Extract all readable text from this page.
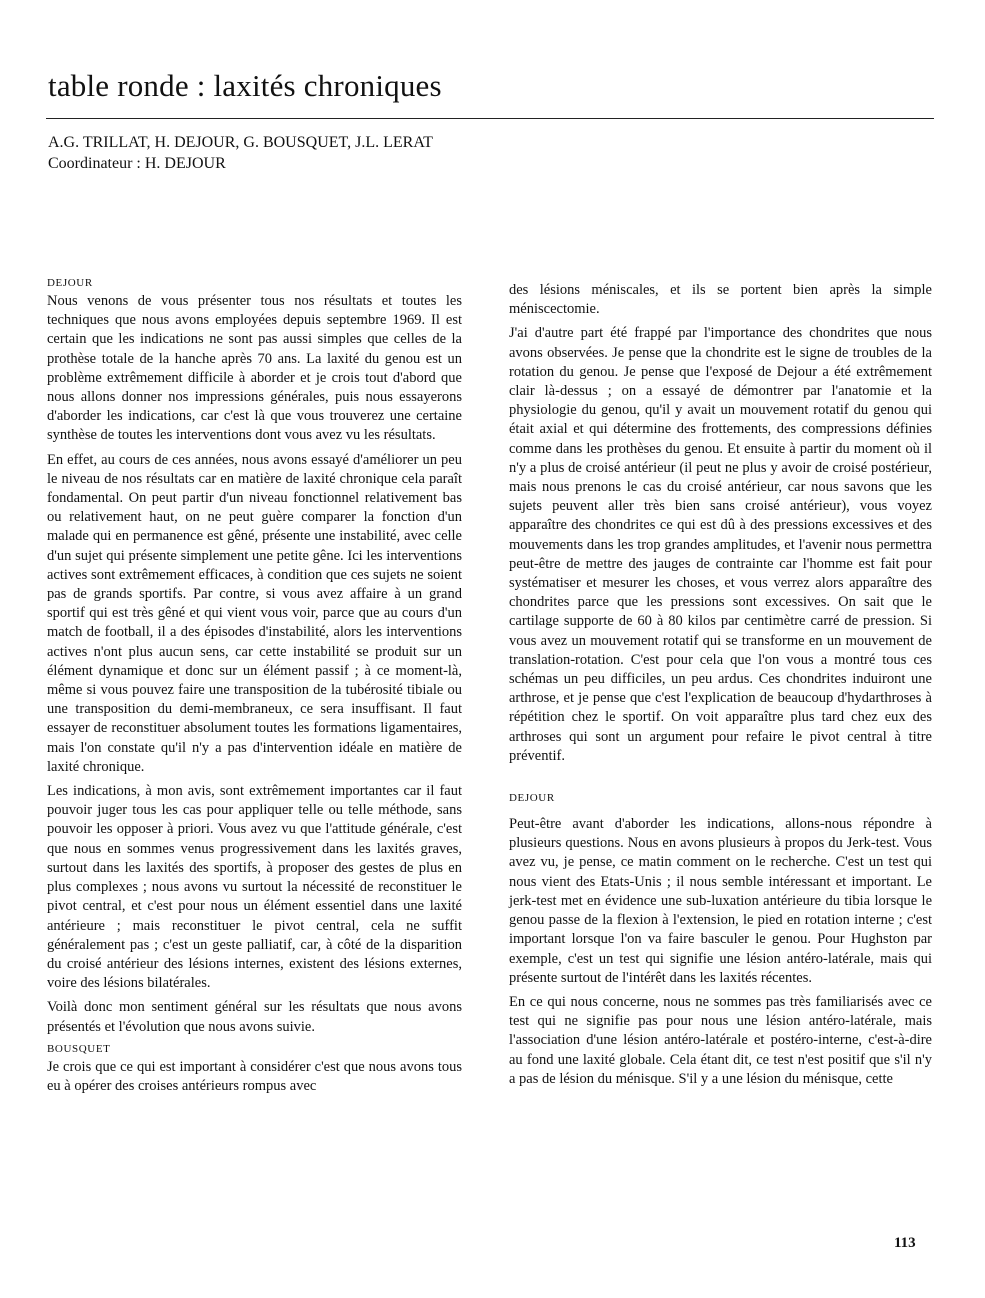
table ronde : laxités chroniques
A.G. TRILLAT, H. DEJOUR, G. BOUSQUET, J.L. LERAT
Coordinateur : H. DEJOUR
DEJOUR

Nous venons de vous présenter tous nos résultats et toutes les techniques que nous avons employées depuis septembre 1969. Il est certain que les indications ne sont pas aussi simples que celles de la prothèse totale de la hanche après 70 ans. La laxité du genou est un problème extrêmement difficile à aborder et je crois tout d'abord que nous allons donner nos impressions générales, puis nous essayerons d'aborder les indications, car c'est là que vous trouverez une certaine synthèse de toutes les interventions dont vous avez vu les résultats.

En effet, au cours de ces années, nous avons essayé d'améliorer un peu le niveau de nos résultats car en matière de laxité chronique cela paraît fondamental. On peut partir d'un niveau fonctionnel relativement bas ou relativement haut, on ne peut guère comparer la fonction d'un malade qui en permanence est gêné, présente une instabilité, avec celle d'un sujet qui présente simplement une petite gêne. Ici les interventions actives sont extrêmement efficaces, à condition que ces sujets ne soient pas de grands sportifs. Par contre, si vous avez affaire à un grand sportif qui est très gêné et qui vient vous voir, parce que au cours d'un match de football, il a des épisodes d'instabilité, alors les interventions actives n'ont plus aucun sens, car cette instabilité se produit sur un élément dynamique et donc sur un élément passif ; à ce moment-là, même si vous pouvez faire une transposition de la tubérosité tibiale ou une transposition du demi-membraneux, ce sera insuffisant. Il faut essayer de reconstituer absolument toutes les formations ligamentaires, mais l'on constate qu'il n'y a pas d'intervention idéale en matière de laxité chronique.

Les indications, à mon avis, sont extrêmement importantes car il faut pouvoir juger tous les cas pour appliquer telle ou telle méthode, sans pouvoir les opposer à priori. Vous avez vu que l'attitude générale, c'est que nous en sommes venus progressivement dans les laxités graves, surtout dans les laxités des sportifs, à proposer des gestes de plus en plus complexes ; nous avons vu surtout la nécessité de reconstituer le pivot central, et c'est pour nous un élément essentiel dans une laxité antérieure ; mais reconstituer le pivot central, cela ne suffit généralement pas ; c'est un geste palliatif, car, à côté de la disparition du croisé antérieur des lésions internes, existent des lésions externes, voire des lésions bilatérales.

Voilà donc mon sentiment général sur les résultats que nous avons présentés et l'évolution que nous avons suivie.

BOUSQUET

Je crois que ce qui est important à considérer c'est que nous avons tous eu à opérer des croises antérieurs rompus avec

des lésions méniscales, et ils se portent bien après la simple méniscectomie.

J'ai d'autre part été frappé par l'importance des chondrites que nous avons observées. Je pense que la chondrite est le signe de troubles de la rotation du genou. Je pense que l'exposé de Dejour a été extrêmement clair là-dessus ; on a essayé de démontrer par l'anatomie et la physiologie du genou, qu'il y avait un mouvement rotatif du genou qui était axial et qui détermine des frottements, des compressions définies comme dans les prothèses du genou. Et ensuite à partir du moment où il n'y a plus de croisé antérieur (il peut ne plus y avoir de croisé postérieur, mais nous prenons le cas du croisé antérieur, car nous savons que les sujets peuvent aller très bien sans croisé antérieur), vous voyez apparaître des chondrites ce qui est dû à des pressions excessives et des mouvements dans les trop grandes amplitudes, et l'avenir nous permettra peut-être de mettre des jauges de contrainte car l'homme est fait pour systématiser et mesurer les choses, et vous verrez alors apparaître des chondrites parce que les pressions sont excessives. On sait que le cartilage supporte de 60 à 80 kilos par centimètre carré de pression. Si vous avez un mouvement rotatif qui se transforme en un mouvement de translation-rotation. C'est pour cela que l'on vous a montré tous ces schémas un peu difficiles, un peu ardus. Ces chondrites induiront une arthrose, et je pense que c'est l'explication de beaucoup d'hydarthroses à répétition chez le sportif. On voit apparaître plus tard chez eux des arthroses qui sont un argument pour refaire le pivot central à titre préventif.

DEJOUR

Peut-être avant d'aborder les indications, allons-nous répondre à plusieurs questions. Nous en avons plusieurs à propos du Jerk-test. Vous avez vu, je pense, ce matin comment on le recherche. C'est un test qui nous vient des Etats-Unis ; il nous semble intéressant et important. Le jerk-test met en évidence une sub-luxation antérieure du tibia lorsque le genou passe de la flexion à l'extension, le pied en rotation interne ; c'est important lorsque l'on va faire basculer le genou. Pour Hughston par exemple, c'est un test qui signifie une lésion antéro-latérale, mais qui présente surtout de l'intérêt dans les laxités récentes.

En ce qui nous concerne, nous ne sommes pas très familiarisés avec ce test qui ne signifie pas pour nous une lésion antéro-latérale, mais l'association d'une lésion antéro-latérale et postéro-interne, c'est-à-dire au fond une laxité globale. Cela étant dit, ce test n'est positif que s'il n'y a pas de lésion du ménisque. S'il y a une lésion du ménisque, cette

113
